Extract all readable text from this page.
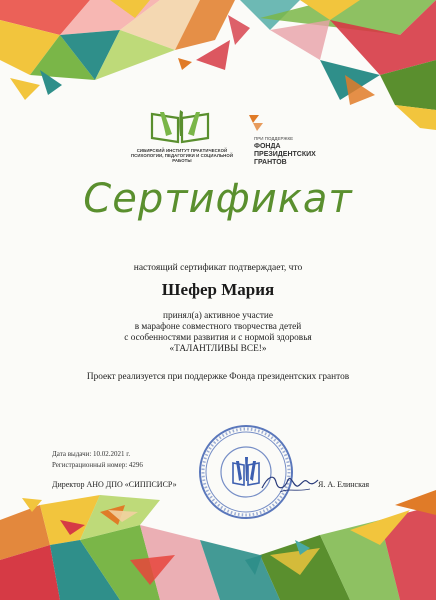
СИБИРСКИЙ ИНСТИТУТ ПРАКТИЧЕСКОЙ ПСИХОЛОГИИ, ПЕДАГОГИКИ И СОЦИАЛЬНОЙ РАБОТЫ
ПРИ ПОДДЕРЖКЕ
ФОНДА
ПРЕЗИДЕНТСКИХ
ГРАНТОВ
Сертификат
настоящий сертификат подтверждает, что
Шефер Мария
принял(а) активное участие
в марафоне совместного творчества детей
с особенностями развития и с нормой здоровья
«ТАЛАНТЛИВЫ ВСЕ!»
Проект реализуется при поддержке Фонда президентских грантов
Дата выдачи: 10.02.2021 г.
Регистрационный номер: 4296
Директор АНО ДПО «СИППСИСР»	Я. А. Елинская
